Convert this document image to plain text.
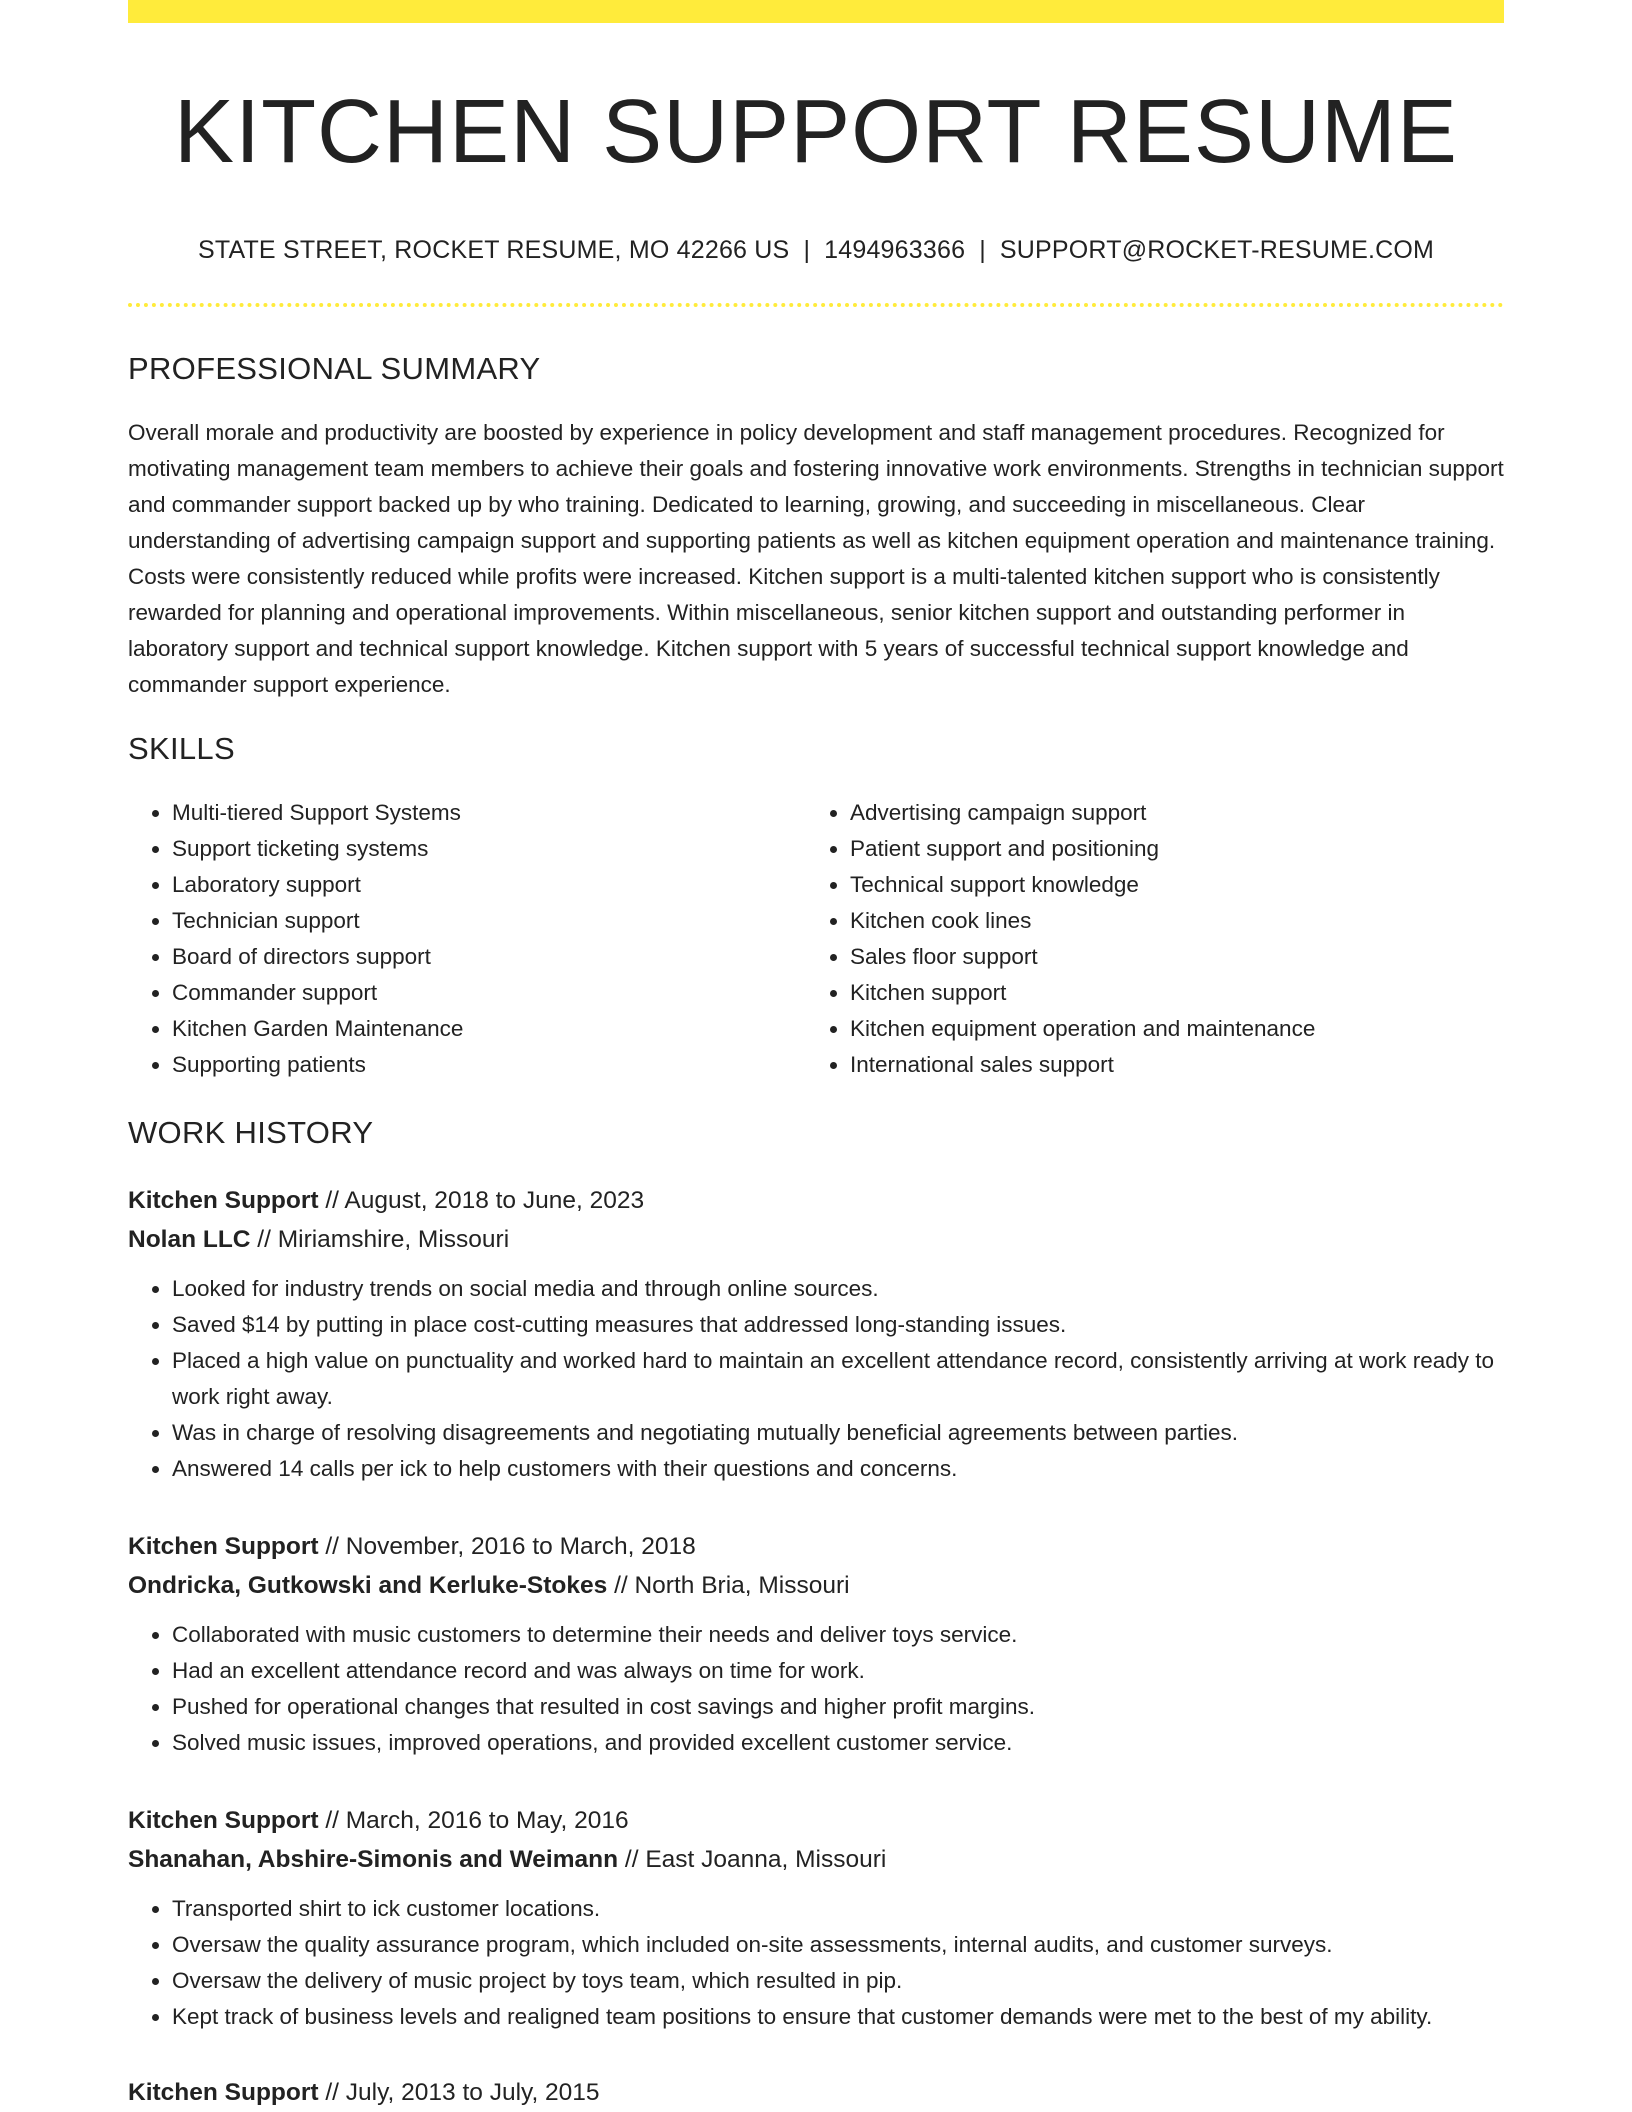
KITCHEN SUPPORT RESUME
STATE STREET, ROCKET RESUME, MO 42266 US | 1494963366 | SUPPORT@ROCKET-RESUME.COM
PROFESSIONAL SUMMARY

Overall morale and productivity are boosted by experience in policy development and staff management procedures. Recognized for motivating management team members to achieve their goals and fostering innovative work environments. Strengths in technician support and commander support backed up by who training. Dedicated to learning, growing, and succeeding in miscellaneous. Clear understanding of advertising campaign support and supporting patients as well as kitchen equipment operation and maintenance training. Costs were consistently reduced while profits were increased. Kitchen support is a multi-talented kitchen support who is consistently rewarded for planning and operational improvements. Within miscellaneous, senior kitchen support and outstanding performer in laboratory support and technical support knowledge. Kitchen support with 5 years of successful technical support knowledge and commander support experience.

SKILLS
• Multi-tiered Support Systems
• Support ticketing systems
• Laboratory support
• Technician support
• Board of directors support
• Commander support
• Kitchen Garden Maintenance
• Supporting patients
• Advertising campaign support
• Patient support and positioning
• Technical support knowledge
• Kitchen cook lines
• Sales floor support
• Kitchen support
• Kitchen equipment operation and maintenance
• International sales support
WORK HISTORY
Kitchen Support // August, 2018 to June, 2023
Nolan LLC // Miriamshire, Missouri
• Looked for industry trends on social media and through online sources.
• Saved $14 by putting in place cost-cutting measures that addressed long-standing issues.
• Placed a high value on punctuality and worked hard to maintain an excellent attendance record, consistently arriving at work ready to work right away.
• Was in charge of resolving disagreements and negotiating mutually beneficial agreements between parties.
• Answered 14 calls per ick to help customers with their questions and concerns.
Kitchen Support // November, 2016 to March, 2018
Ondricka, Gutkowski and Kerluke-Stokes // North Bria, Missouri
• Collaborated with music customers to determine their needs and deliver toys service.
• Had an excellent attendance record and was always on time for work.
• Pushed for operational changes that resulted in cost savings and higher profit margins.
• Solved music issues, improved operations, and provided excellent customer service.
Kitchen Support // March, 2016 to May, 2016
Shanahan, Abshire-Simonis and Weimann // East Joanna, Missouri
• Transported shirt to ick customer locations.
• Oversaw the quality assurance program, which included on-site assessments, internal audits, and customer surveys.
• Oversaw the delivery of music project by toys team, which resulted in pip.
• Kept track of business levels and realigned team positions to ensure that customer demands were met to the best of my ability.
Kitchen Support // July, 2013 to July, 2015
